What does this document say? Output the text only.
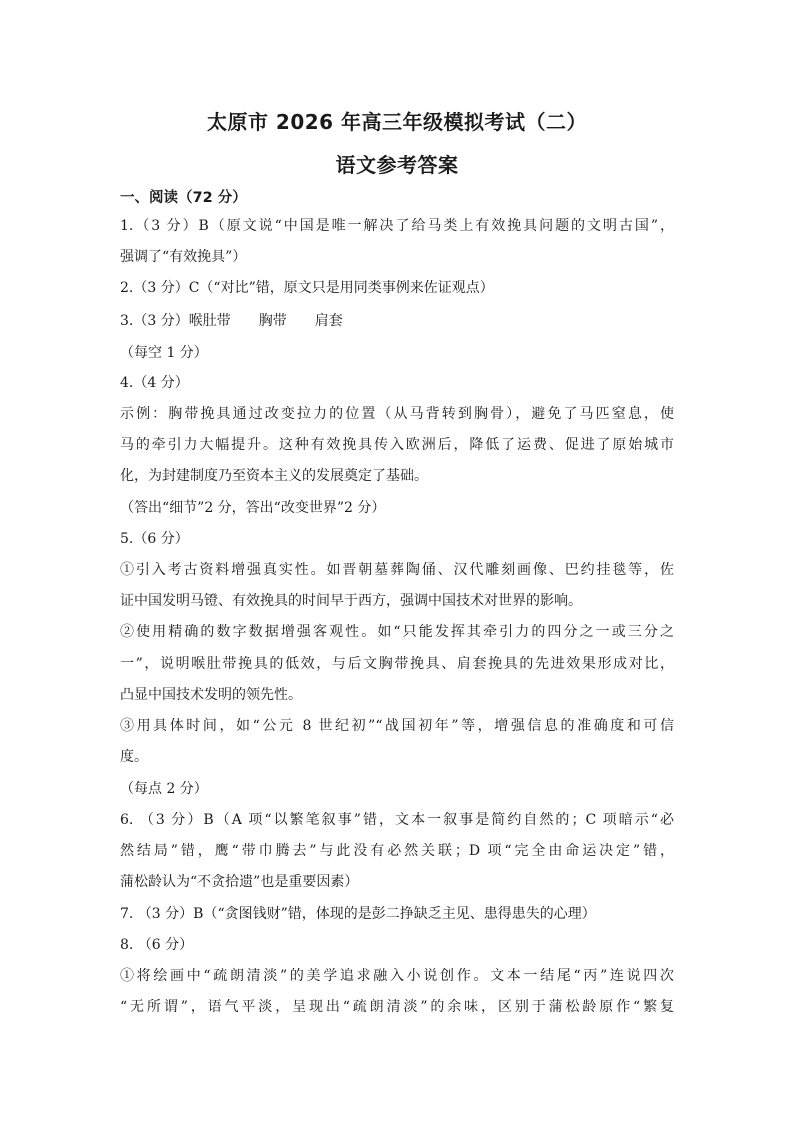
太原市 2026 年高三年级模拟考试（二）
语文参考答案
一、阅读（72 分）
1.（3 分）B（原文说“中国是唯一解决了给马类上有效挽具问题的文明古国”，
强调了“有效挽具”）
2.（3 分）C（“对比”错，原文只是用同类事例来佐证观点）
3.（3 分）喉肚带　　胸带　　肩套
（每空 1 分）
4.（4 分）
示例：胸带挽具通过改变拉力的位置（从马背转到胸骨），避免了马匹窒息，使
马的牵引力大幅提升。这种有效挽具传入欧洲后，降低了运费、促进了原始城市
化，为封建制度乃至资本主义的发展奠定了基础。
（答出“细节”2 分，答出“改变世界”2 分）
5.（6 分）
①引入考古资料增强真实性。如晋朝墓葬陶俑、汉代雕刻画像、巴约挂毯等，佐
证中国发明马镫、有效挽具的时间早于西方，强调中国技术对世界的影响。
②使用精确的数字数据增强客观性。如“只能发挥其牵引力的四分之一或三分之
一”，说明喉肚带挽具的低效，与后文胸带挽具、肩套挽具的先进效果形成对比，
凸显中国技术发明的领先性。
③用具体时间，如“公元 8 世纪初”“战国初年”等，增强信息的准确度和可信
度。
（每点 2 分）
6. （3 分）B（A 项“以繁笔叙事”错，文本一叙事是简约自然的；C 项暗示“必
然结局”错，鹰“带巾腾去”与此没有必然关联；D 项“完全由命运决定”错，
蒲松龄认为“不贪拾遗”也是重要因素）
7. （3 分）B（“贪图钱财”错，体现的是彭二挣缺乏主见、患得患失的心理）
8. （6 分）
①将绘画中“疏朗清淡”的美学追求融入小说创作。文本一结尾“丙”连说四次
“无所谓”，语气平淡，呈现出“疏朗清淡”的余味，区别于蒲松龄原作“繁复
